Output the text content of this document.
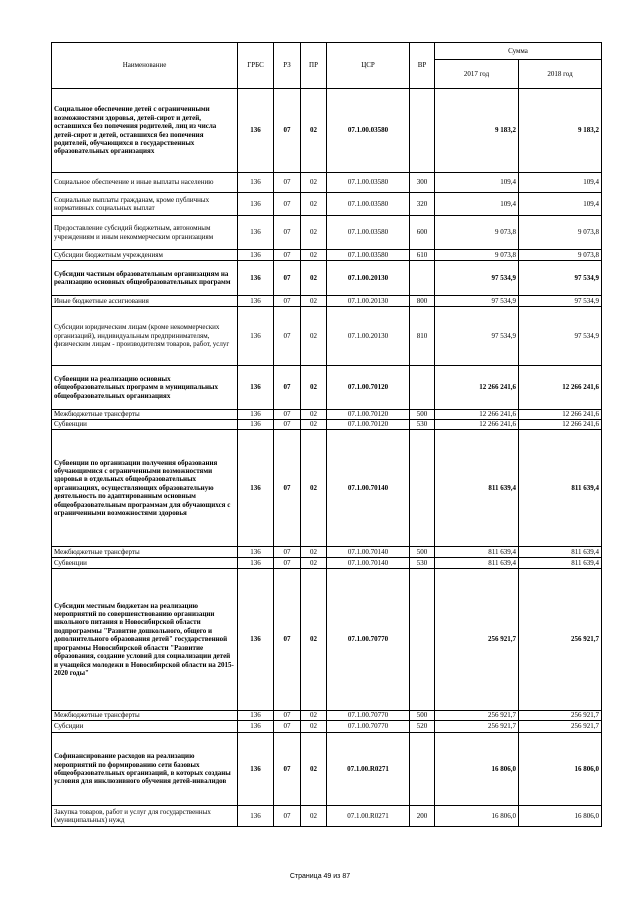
Наименование	ГРБС	РЗ	ПР	ЦСР	ВР	Сумма	
						2017 год	2018 год
Социальное обеспечение детей с ограниченными возможностями здоровья, детей-сирот и детей, оставшихся без попечения родителей, лиц из числа детей-сирот и детей, оставшихся без попечения родителей, обучающихся в государственных образовательных организациях	136	07	02	07.1.00.03580		9 183,2	9 183,2
Социальное обеспечение и иные выплаты населению	136	07	02	07.1.00.03580	300	109,4	109,4
Социальные выплаты гражданам, кроме публичных нормативных социальных выплат	136	07	02	07.1.00.03580	320	109,4	109,4
Предоставление субсидий бюджетным, автономным учреждениям и иным некоммерческим организациям	136	07	02	07.1.00.03580	600	9 073,8	9 073,8
Субсидии бюджетным учреждениям	136	07	02	07.1.00.03580	610	9 073,8	9 073,8
Субсидии частным образовательным организациям на реализацию основных общеобразовательных программ	136	07	02	07.1.00.20130		97 534,9	97 534,9
Иные бюджетные ассигнования	136	07	02	07.1.00.20130	800	97 534,9	97 534,9
Субсидии юридическим лицам (кроме некоммерческих организаций), индивидуальным предпринимателям, физическим лицам - производителям товаров, работ, услуг	136	07	02	07.1.00.20130	810	97 534,9	97 534,9
Субвенции на реализацию основных общеобразовательных программ в муниципальных общеобразовательных организациях	136	07	02	07.1.00.70120		12 266 241,6	12 266 241,6
Межбюджетные трансферты	136	07	02	07.1.00.70120	500	12 266 241,6	12 266 241,6
Субвенции	136	07	02	07.1.00.70120	530	12 266 241,6	12 266 241,6
Субвенции по организации получения образования обучающимися с ограниченными возможностями здоровья в отдельных общеобразовательных организациях, осуществляющих образовательную деятельность по адаптированным основным общеобразовательным программам для обучающихся с ограниченными возможностями здоровья	136	07	02	07.1.00.70140		811 639,4	811 639,4
Межбюджетные трансферты	136	07	02	07.1.00.70140	500	811 639,4	811 639,4
Субвенции	136	07	02	07.1.00.70140	530	811 639,4	811 639,4
Субсидии местным бюджетам на реализацию мероприятий по совершенствованию организации школьного питания в Новосибирской области подпрограммы "Развитие дошкольного, общего и дополнительного образования детей" государственной программы Новосибирской области "Развитие образования, создание условий для социализации детей и учащейся молодежи в Новосибирской области на 2015-2020 годы"	136	07	02	07.1.00.70770		256 921,7	256 921,7
Межбюджетные трансферты	136	07	02	07.1.00.70770	500	256 921,7	256 921,7
Субсидии	136	07	02	07.1.00.70770	520	256 921,7	256 921,7
Софинансирование расходов на реализацию мероприятий по формированию сети базовых общеобразовательных организаций, в которых созданы условия для инклюзивного обучения детей-инвалидов	136	07	02	07.1.00.R0271		16 806,0	16 806,0
Закупка товаров, работ и услуг для государственных (муниципальных) нужд	136	07	02	07.1.00.R0271	200	16 806,0	16 806,0
Страница 49 из 87
